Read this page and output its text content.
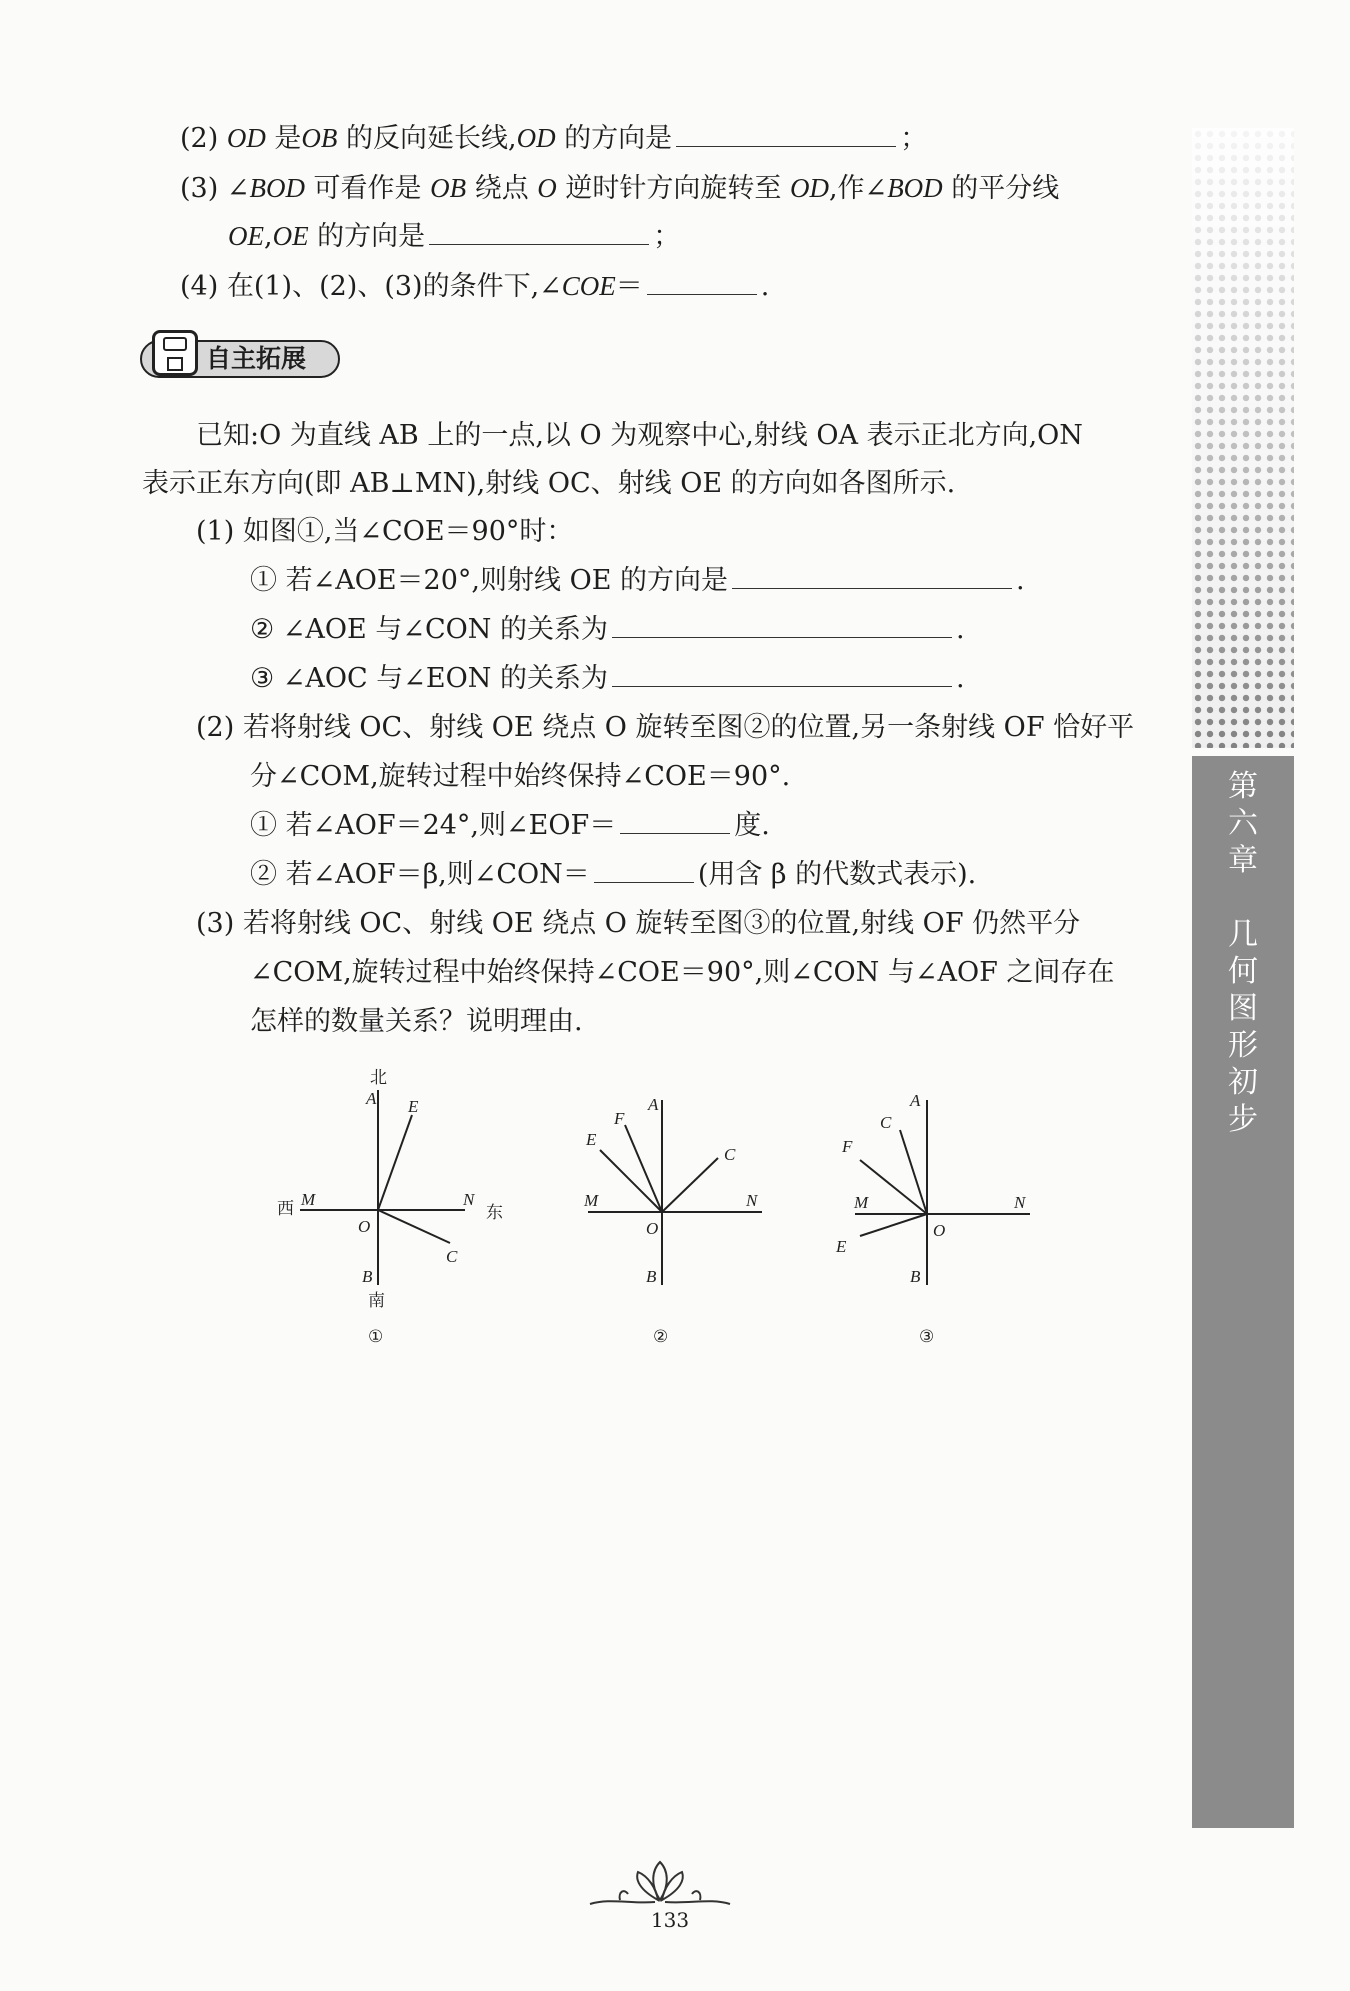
(2) OD 是OB 的反向延长线,OD 的方向是	；
(3) ∠BOD 可看作是 OB 绕点 O 逆时针方向旋转至 OD,作∠BOD 的平分线
OE,OE 的方向是	；
(4) 在(1)、(2)、(3)的条件下,∠COE＝	.
自主拓展
已知:O 为直线 AB 上的一点,以 O 为观察中心,射线 OA 表示正北方向,ON
表示正东方向(即 AB⊥MN),射线 OC、射线 OE 的方向如各图所示.
(1) 如图①,当∠COE＝90°时：
① 若∠AOE＝20°,则射线 OE 的方向是	.
② ∠AOE 与∠CON 的关系为	.
③ ∠AOC 与∠EON 的关系为	.
(2) 若将射线 OC、射线 OE 绕点 O 旋转至图②的位置,另一条射线 OF 恰好平
分∠COM,旋转过程中始终保持∠COE＝90°.
① 若∠AOF＝24°,则∠EOF＝	度.
② 若∠AOF＝β,则∠CON＝	(用含 β 的代数式表示).
(3) 若将射线 OC、射线 OE 绕点 O 旋转至图③的位置,射线 OF 仍然平分
∠COM,旋转过程中始终保持∠COE＝90°,则∠CON 与∠AOF 之间存在
怎样的数量关系？说明理由.
北
A E
西 M	N
东
O
C
B
南
①
A
F
E
C
M	N
O
B
②
A
C
F
M	N
O
E
B
③
第六章

几何图形初步
133
